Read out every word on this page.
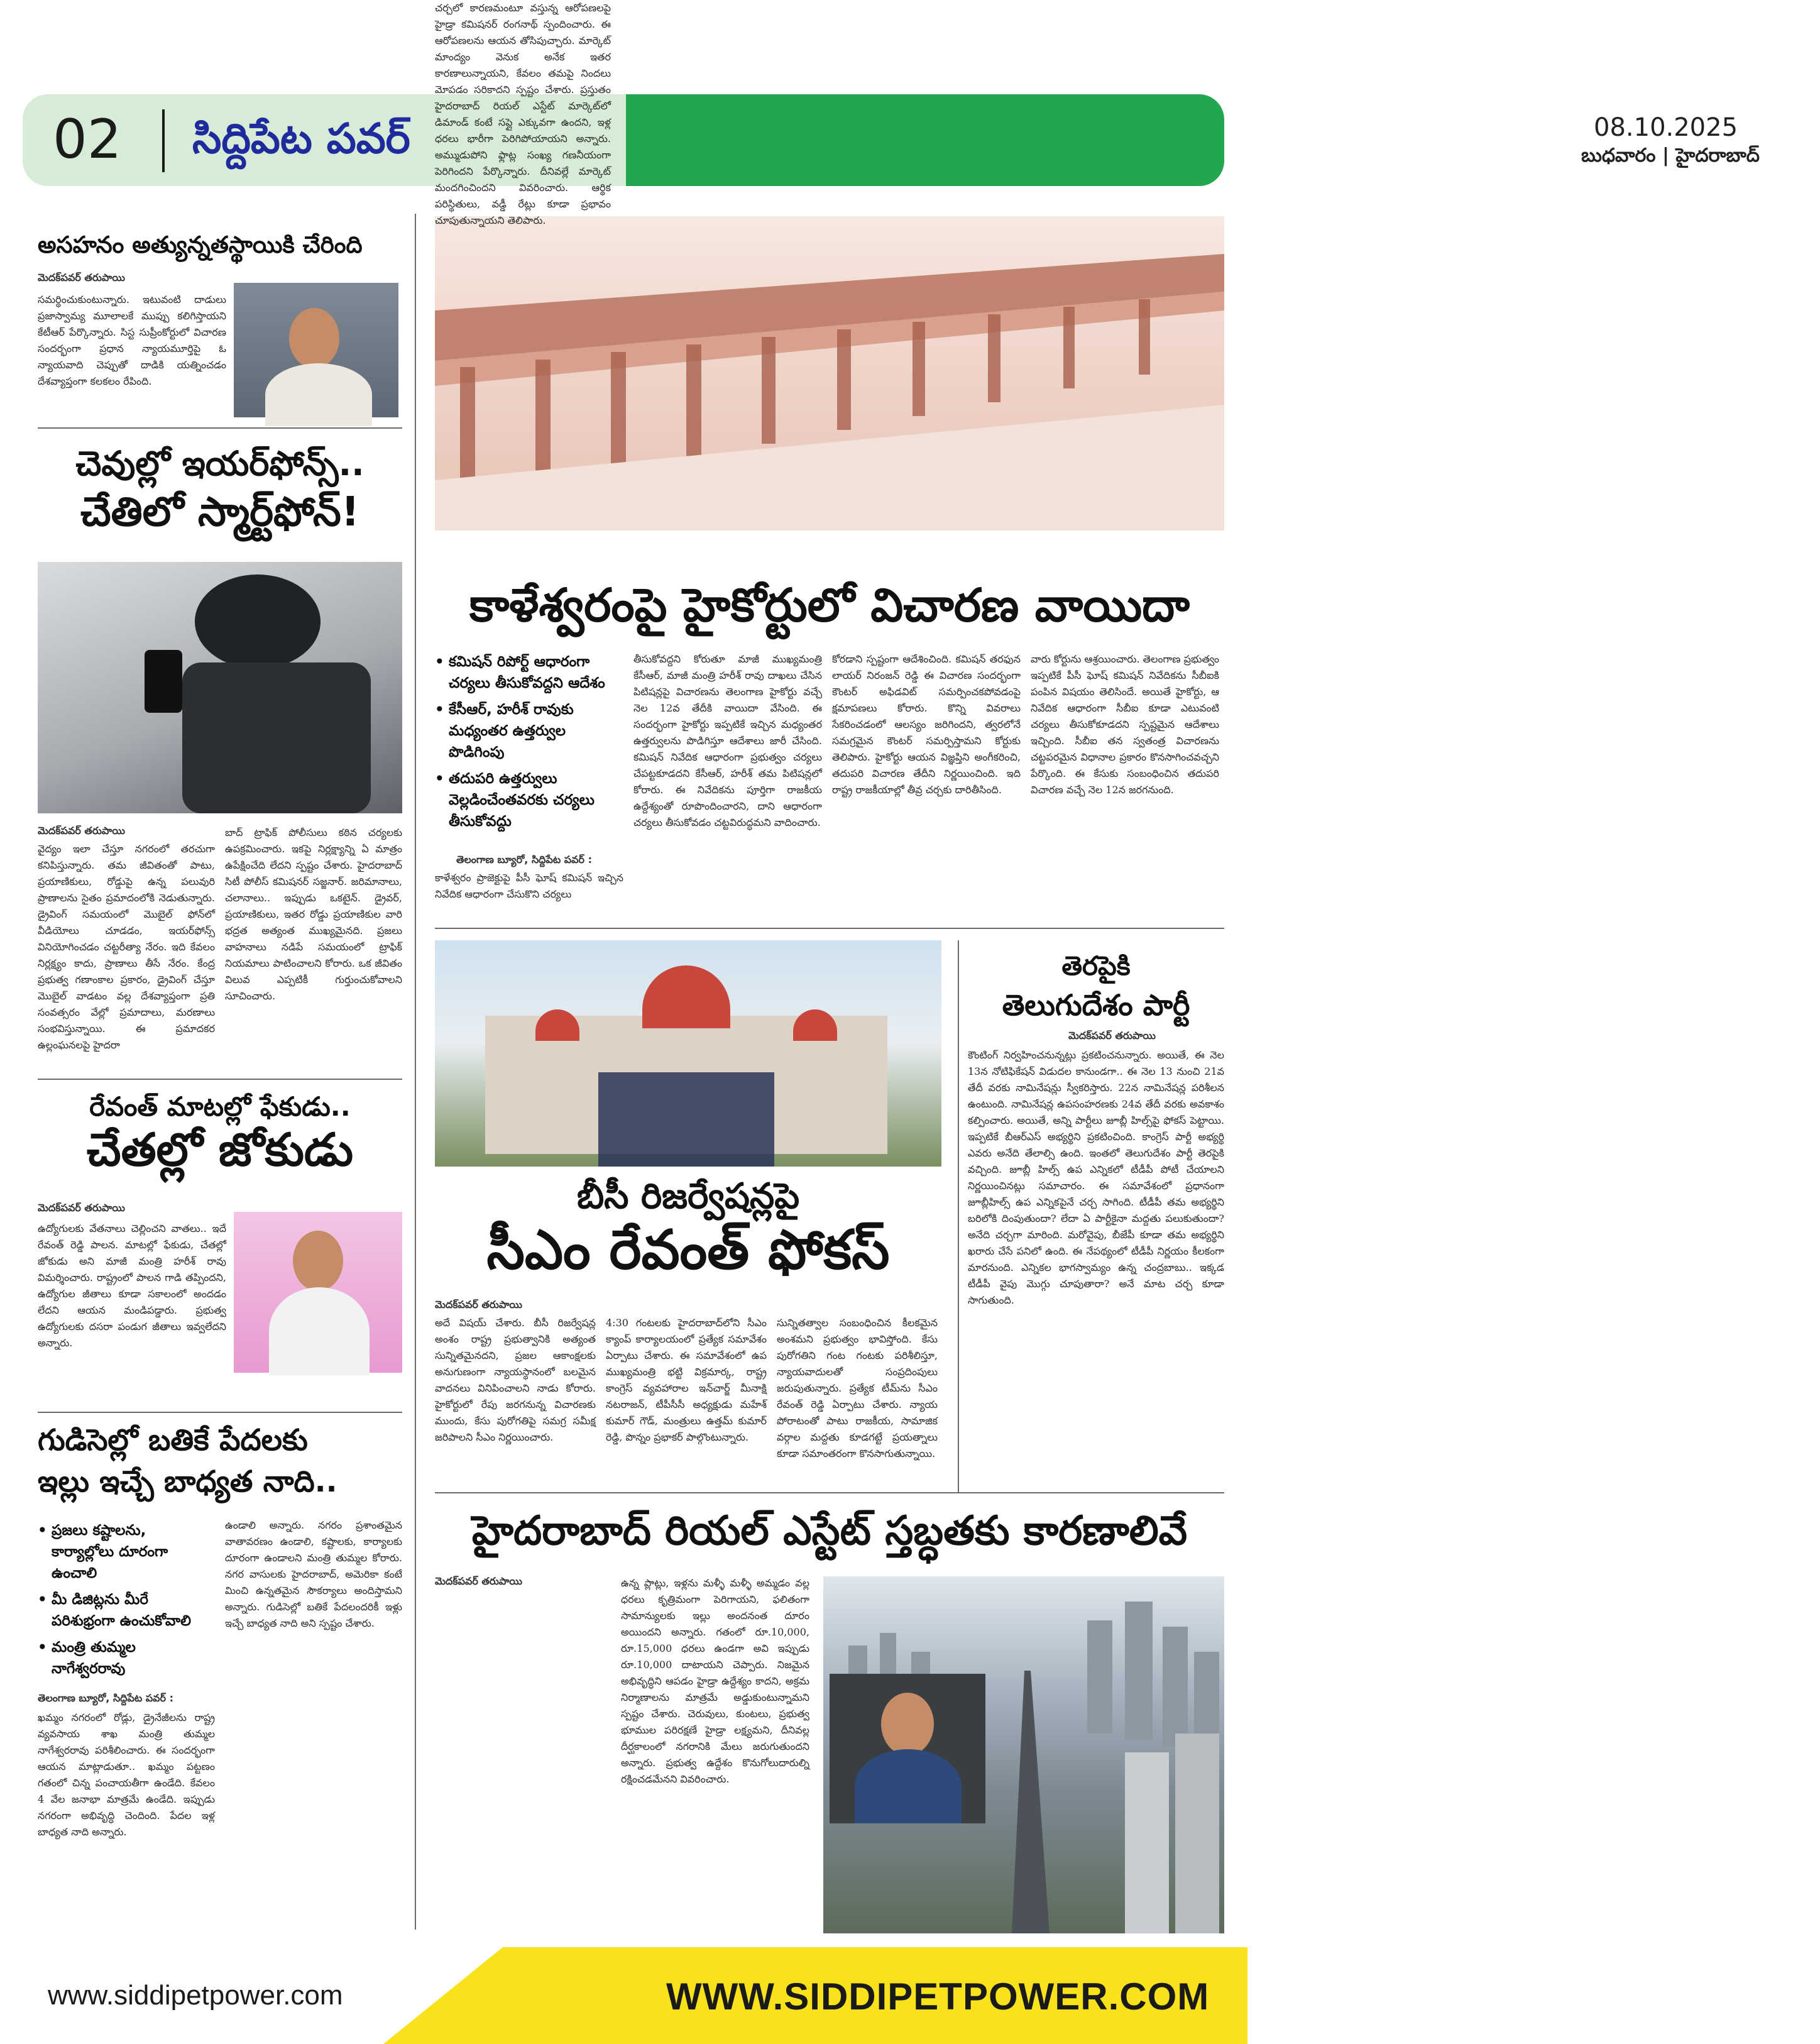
02 సిద్దిపేట పవర్	08.10.2025
బుధవారం | హైదరాబాద్
అసహనం అత్యున్నతస్థాయికి చేరింది
మెదక్‌పవర్ తరుపాయి
సమర్థించుకుంటున్నారు. ఇటువంటి దాడులు ప్రజాస్వామ్య మూలాలకే ముప్పు కలిగిస్తాయని కేటీఆర్ పేర్కొన్నారు. సిస్ట సుప్రీంకోర్టులో విచారణ సందర్భంగా ప్రధాన న్యాయమూర్తిపై ఓ న్యాయవాది చెప్పుతో దాడికి యత్నించడం దేశవ్యాప్తంగా కలకలం రేపింది.
చెవుల్లో ఇయర్‌ఫోన్స్..
చేతిలో స్మార్ట్‌ఫోన్!
మెదక్‌పవర్ తరుపాయి
వైద్యం ఇలా చేస్తూ నగరంలో తరచుగా కనిపిస్తున్నారు. తమ జీవితంతో పాటు, ప్రయాణికులు, రోడ్డుపై ఉన్న పలువురి ప్రాణాలను సైతం ప్రమాదంలోకి నెడుతున్నారు. డ్రైవింగ్ సమయంలో మొబైల్ ఫోన్‌లో వీడియోలు చూడడం, ఇయర్‌ఫోన్స్ వినియోగించడం చట్టరీత్యా నేరం. ఇది కేవలం నిర్లక్ష్యం కాదు, ప్రాణాలు తీసే నేరం. కేంద్ర ప్రభుత్వ గణాంకాల ప్రకారం, డ్రైవింగ్ చేస్తూ మొబైల్ వాడటం వల్ల దేశవ్యాప్తంగా ప్రతి సంవత్సరం వేల్లో ప్రమాదాలు, మరణాలు సంభవిస్తున్నాయి. ఈ ప్రమాదకర ఉల్లంఘనలపై హైదరా
బాద్ ట్రాఫిక్ పోలీసులు కఠిన చర్యలకు ఉపక్రమించారు. ఇకపై నిర్లక్ష్యాన్ని ఏ మాత్రం ఉపేక్షించేది లేదని స్పష్టం చేశారు. హైదరాబాద్ సిటీ పోలీస్ కమిషనర్ సజ్జనార్. జరిమానాలు, చలానాలు.. ఇప్పుడు ఒకటైన్. డ్రైవర్, ప్రయాణికులు, ఇతర రోడ్డు ప్రయాణికుల వారి భద్రత అత్యంత ముఖ్యమైనది. ప్రజలు వాహనాలు నడిపే సమయంలో ట్రాఫిక్ నియమాలు పాటించాలని కోరారు. ఒక జీవితం విలువ ఎప్పటికీ గుర్తుంచుకోవాలని సూచించారు.
రేవంత్ మాటల్లో ఫేకుడు..
చేతల్లో జోకుడు
మెదక్‌పవర్ తరుపాయి
ఉద్యోగులకు వేతనాలు చెల్లించని వాతలు.. ఇదే రేవంత్ రెడ్డి పాలన. మాటల్లో ఫేకుడు, చేతల్లో జోకుడు అని మాజీ మంత్రి హరీశ్ రావు విమర్శించారు. రాష్ట్రంలో పాలన గాడి తప్పిందని, ఉద్యోగుల జీతాలు కూడా సకాలంలో అందడం లేదని ఆయన మండిపడ్డారు. ప్రభుత్వ ఉద్యోగులకు దసరా పండుగ జీతాలు ఇవ్వలేదని అన్నారు.
గుడిసెల్లో బతికే పేదలకు
ఇల్లు ఇచ్చే బాధ్యత నాది..
• ప్రజలు కష్టాలను, కార్యాల్లోలు దూరంగా ఉంచాలి
• మీ డిజిట్లను మీరే పరిశుభ్రంగా ఉంచుకోవాలి
• మంత్రి తుమ్మల నాగేశ్వరరావు
తెలంగాణ బ్యూరో, సిద్దిపేట పవర్ :
ఖమ్మం నగరంలో రోడ్లు, డ్రైనేజీలను రాష్ట్ర వ్యవసాయ శాఖ మంత్రి తుమ్మల నాగేశ్వరరావు పరిశీలించారు. ఈ సందర్భంగా ఆయన మాట్లాడుతూ.. ఖమ్మం పట్టణం గతంలో చిన్న పంచాయతీగా ఉండేది. కేవలం 4 వేల జనాభా మాత్రమే ఉండేది. ఇప్పుడు నగరంగా అభివృద్ధి చెందింది. పేదల ఇళ్ల బాధ్యత నాది అన్నారు.
ఉండాలి అన్నారు. నగరం ప్రశాంతమైన వాతావరణం ఉండాలి, కష్టాలకు, కార్యాలకు దూరంగా ఉండాలని మంత్రి తుమ్మల కోరారు. నగర వాసులకు హైదరాబాద్, అమెరికా కంటే మించి ఉన్నతమైన సౌకర్యాలు అందిస్తామని అన్నారు. గుడిసెల్లో బతికే పేదలందరికీ ఇళ్లు ఇచ్చే బాధ్యత నాది అని స్పష్టం చేశారు.
కాళేశ్వరంపై హైకోర్టులో విచారణ వాయిదా
• కమిషన్ రిపోర్ట్ ఆధారంగా చర్యలు తీసుకోవద్దని ఆదేశం
• కేసీఆర్, హరీశ్ రావుకు మధ్యంతర ఉత్తర్వుల పొడిగింపు
• తదుపరి ఉత్తర్వులు వెల్లడించేంతవరకు చర్యలు తీసుకోవద్దు
తెలంగాణ బ్యూరో, సిద్దిపేట పవర్ :
కాళేశ్వరం ప్రాజెక్టుపై పీసీ ఘోష్ కమిషన్ ఇచ్చిన నివేదిక ఆధారంగా చేసుకొని చర్యలు
తీసుకోవద్దని కోరుతూ మాజీ ముఖ్యమంత్రి కేసీఆర్, మాజీ మంత్రి హరీశ్ రావు దాఖలు చేసిన పిటిషన్లపై విచారణను తెలంగాణ హైకోర్టు వచ్చే నెల 12వ తేదీకి వాయిదా వేసింది. ఈ సందర్భంగా హైకోర్టు ఇప్పటికే ఇచ్చిన మధ్యంతర ఉత్తర్వులను పొడిగిస్తూ ఆదేశాలు జారీ చేసింది. కమిషన్ నివేదిక ఆధారంగా ప్రభుత్వం చర్యలు చేపట్టకూడదని కేసీఆర్, హరీశ్ తమ పిటిషన్లలో కోరారు. ఈ నివేదికను పూర్తిగా రాజకీయ ఉద్దేశ్యంతో రూపొందించారని, దాని ఆధారంగా చర్యలు తీసుకోవడం చట్టవిరుద్ధమని వాదించారు.
కోరడాని స్పష్టంగా ఆదేశించింది. కమిషన్ తరఫున లాయర్ నిరంజన్ రెడ్డి ఈ విచారణ సందర్భంగా కౌంటర్ అఫిడవిట్ సమర్పించకపోవడంపై క్షమాపణలు కోరారు. కొన్ని వివరాలు సేకరించడంలో ఆలస్యం జరిగిందని, త్వరలోనే సమగ్రమైన కౌంటర్ సమర్పిస్తామని కోర్టుకు తెలిపారు. హైకోర్టు ఆయన విజ్ఞప్తిని అంగీకరించి, తదుపరి విచారణ తేదీని నిర్ణయించింది. ఇది రాష్ట్ర రాజకీయాల్లో తీవ్ర చర్చకు దారితీసింది.
వారు కోర్టును ఆశ్రయించారు. తెలంగాణ ప్రభుత్వం ఇప్పటికే పీసీ ఘోష్ కమిషన్ నివేదికను సీబీఐకి పంపిన విషయం తెలిసిందే. అయితే హైకోర్టు, ఆ నివేదిక ఆధారంగా సీబీఐ కూడా ఎటువంటి చర్యలు తీసుకోకూడదని స్పష్టమైన ఆదేశాలు ఇచ్చింది. సీబీఐ తన స్వతంత్ర విచారణను చట్టపరమైన విధానాల ప్రకారం కొనసాగించవచ్చని పేర్కొంది. ఈ కేసుకు సంబంధించిన తదుపరి విచారణ వచ్చే నెల 12న జరగనుంది.
బీసీ రిజర్వేషన్లపై
సీఎం రేవంత్ ఫోకస్
మెదక్‌పవర్ తరుపాయి
అదే విషయ్ చేశారు. బీసీ రిజర్వేషన్ల అంశం రాష్ట్ర ప్రభుత్వానికి అత్యంత సున్నితమైనదని, ప్రజల ఆకాంక్షలకు అనుగుణంగా న్యాయస్థానంలో బలమైన వాదనలు వినిపించాలని నాడు కోరారు. హైకోర్టులో రేపు జరగనున్న విచారణకు ముందు, కేసు పురోగతిపై సమగ్ర సమీక్ష జరిపాలని సీఎం నిర్ణయించారు.
4:30 గంటలకు హైదరాబాద్‌లోని సీఎం క్యాంప్ కార్యాలయంలో ప్రత్యేక సమావేశం ఏర్పాటు చేశారు. ఈ సమావేశంలో ఉప ముఖ్యమంత్రి భట్టి విక్రమార్క, రాష్ట్ర కాంగ్రెస్ వ్యవహారాల ఇన్‌చార్జ్ మీనాక్షి నటరాజన్, టీపీసీసీ అధ్యక్షుడు మహేశ్ కుమార్ గౌడ్, మంత్రులు ఉత్తమ్ కుమార్ రెడ్డి, పొన్నం ప్రభాకర్ పాల్గొంటున్నారు.
సున్నితత్వాల సంబంధించిన కీలకమైన అంశమని ప్రభుత్వం భావిస్తోంది. కేసు పురోగతిని గంట గంటకు పరిశీలిస్తూ, న్యాయవాదులతో సంప్రదింపులు జరుపుతున్నారు. ప్రత్యేక టీమ్‌ను సీఎం రేవంత్ రెడ్డి ఏర్పాటు చేశారు. న్యాయ పోరాటంతో పాటు రాజకీయ, సామాజిక వర్గాల మద్దతు కూడగట్టే ప్రయత్నాలు కూడా సమాంతరంగా కొనసాగుతున్నాయి.
తెరపైకి
తెలుగుదేశం పార్టీ
మెదక్‌పవర్ తరుపాయి
కౌంటింగ్ నిర్వహించనున్నట్లు ప్రకటించనున్నారు. అయితే, ఈ నెల 13న నోటిఫికేషన్ విడుదల కానుండగా.. ఈ నెల 13 నుంచి 21వ తేదీ వరకు నామినేషన్లు స్వీకరిస్తారు. 22న నామినేషన్ల పరిశీలన ఉంటుంది. నామినేషన్ల ఉపసంహరణకు 24వ తేదీ వరకు అవకాశం కల్పించారు. అయితే, అన్ని పార్టీలు జూబ్లీ హిల్స్‌పై ఫోకస్ పెట్టాయి. ఇప్పటికే బీఆర్ఎస్ అభ్యర్థిని ప్రకటించింది. కాంగ్రెస్ పార్టీ అభ్యర్థి ఎవరు అనేది తేలాల్సి ఉంది. ఇంతలో తెలుగుదేశం పార్టీ తెరపైకి వచ్చింది. జూబ్లీ హిల్స్ ఉప ఎన్నికలో టీడీపీ పోటీ చేయాలని నిర్ణయించినట్లు సమాచారం. ఈ సమావేశంలో ప్రధానంగా జూబ్లీహిల్స్ ఉప ఎన్నికపైనే చర్చ సాగింది. టీడీపీ తమ అభ్యర్థిని బరిలోకి దింపుతుందా? లేదా ఏ పార్టీకైనా మద్దతు పలుకుతుందా? అనేది చర్చగా మారింది. మరోవైపు, బీజేపీ కూడా తమ అభ్యర్థిని ఖరారు చేసే పనిలో ఉంది. ఈ నేపథ్యంలో టీడీపీ నిర్ణయం కీలకంగా మారనుంది. ఎన్నికల భాగస్వామ్యం ఉన్న చంద్రబాబు.. ఇక్కడ టీడీపీ వైపు మొగ్గు చూపుతారా? అనే మాట చర్చ కూడా సాగుతుంది.
హైదరాబాద్ రియల్ ఎస్టేట్ స్తబ్ధతకు కారణాలివే
మెదక్‌పవర్ తరుపాయి
చర్చలో కారణమంటూ వస్తున్న ఆరోపణలపై హైడ్రా కమిషనర్ రంగనాథ్ స్పందించారు. ఈ ఆరోపణలను ఆయన తోసిపుచ్చారు. మార్కెట్ మాంద్యం వెనుక అనేక ఇతర కారణాలున్నాయని, కేవలం తమపై నిందలు మోపడం సరికాదని స్పష్టం చేశారు. ప్రస్తుతం హైదరాబాద్ రియల్ ఎస్టేట్ మార్కెట్‌లో డిమాండ్ కంటే సప్లై ఎక్కువగా ఉందని, ఇళ్ల ధరలు భారీగా పెరిగిపోయాయని అన్నారు. అమ్ముడుపోని ఫ్లాట్ల సంఖ్య గణనీయంగా పెరిగిందని పేర్కొన్నారు. దీనివల్లే మార్కెట్ మందగించిందని వివరించారు. ఆర్థిక పరిస్థితులు, వడ్డీ రేట్లు కూడా ప్రభావం చూపుతున్నాయని తెలిపారు.
ఉన్న ప్లాట్లు, ఇళ్లను మళ్ళీ మళ్ళీ అమ్మడం వల్ల ధరలు కృత్రిమంగా పెరిగాయని, ఫలితంగా సామాన్యులకు ఇల్లు అందనంత దూరం అయిందని అన్నారు. గతంలో రూ.10,000, రూ.15,000 ధరలు ఉండగా అవి ఇప్పుడు రూ.10,000 దాటాయని చెప్పారు. నిజమైన అభివృద్ధిని ఆపడం హైడ్రా ఉద్దేశ్యం కాదని, అక్రమ నిర్మాణాలను మాత్రమే అడ్డుకుంటున్నామని స్పష్టం చేశారు. చెరువులు, కుంటలు, ప్రభుత్వ భూముల పరిరక్షణే హైడ్రా లక్ష్యమని, దీనివల్ల దీర్ఘకాలంలో నగరానికి మేలు జరుగుతుందని అన్నారు. ప్రభుత్వ ఉద్దేశం కొనుగోలుదారుల్ని రక్షించడమేనని వివరించారు.
www.siddipetpower.com	WWW.SIDDIPETPOWER.COM
